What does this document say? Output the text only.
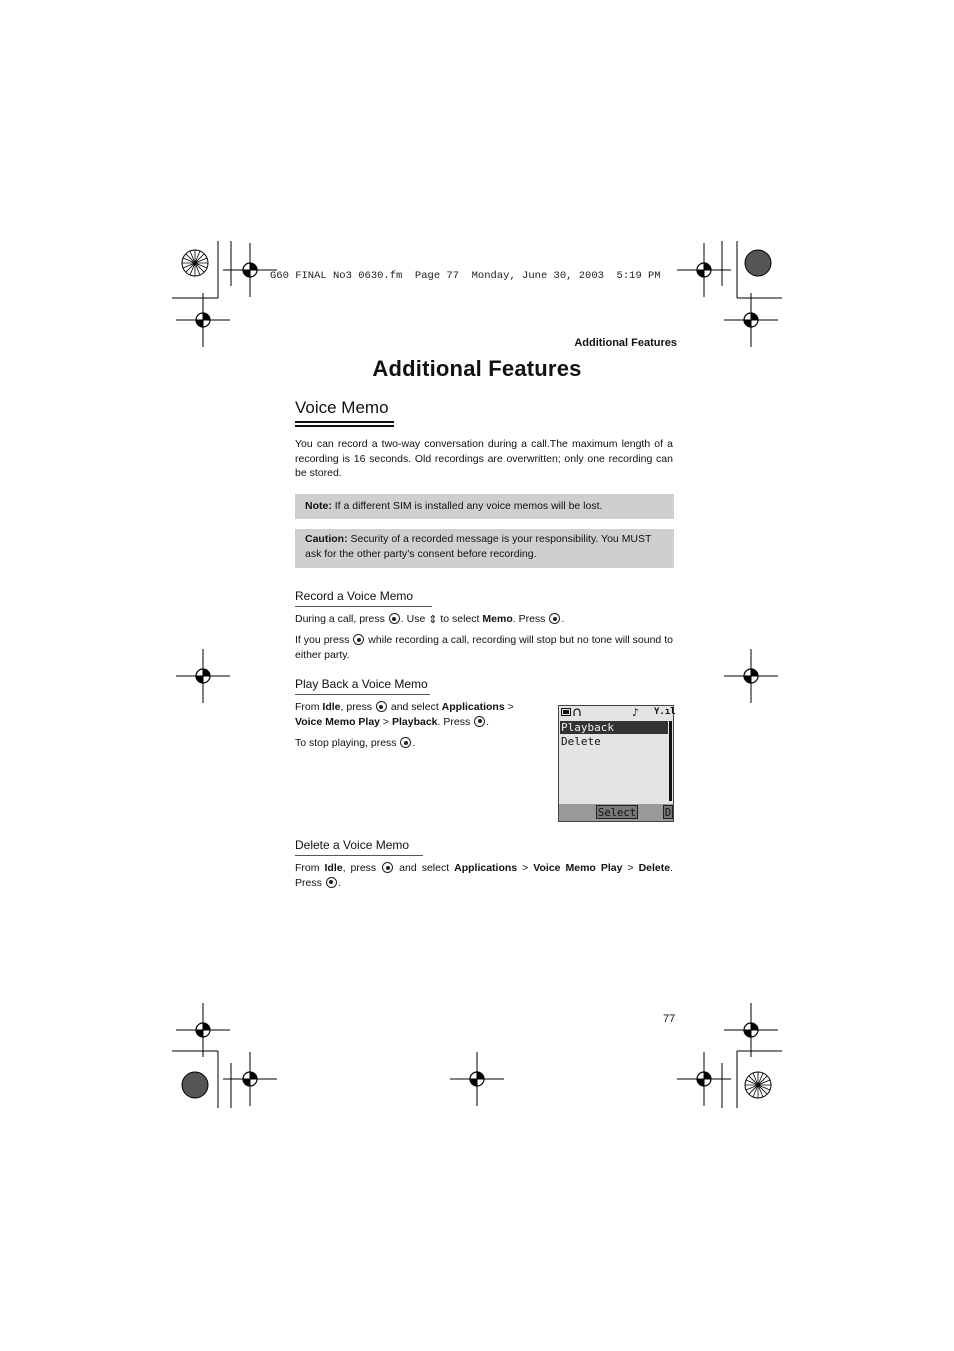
G60 FINAL No3 0630.fm  Page 77  Monday, June 30, 2003  5:19 PM
Additional Features
Additional Features
Voice Memo
You can record a two-way conversation during a call.The maximum length of a recording is 16 seconds. Old recordings are overwritten; only one recording can be stored.
Note: If a different SIM is installed any voice memos will be lost.
Caution: Security of a recorded message is your responsibility. You MUST ask for the other party’s consent before recording.
Record a Voice Memo
During a call, press . Use ⇕ to select Memo. Press .
If you press  while recording a call, recording will stop but no tone will sound to either party.
Play Back a Voice Memo
From Idle, press  and select Applications > Voice Memo Play > Playback. Press .
To stop playing, press .
♪ Y.ıl
Playback
Delete
Select	D
Delete a Voice Memo
From Idle, press  and select Applications > Voice Memo Play > Delete. Press .
77
